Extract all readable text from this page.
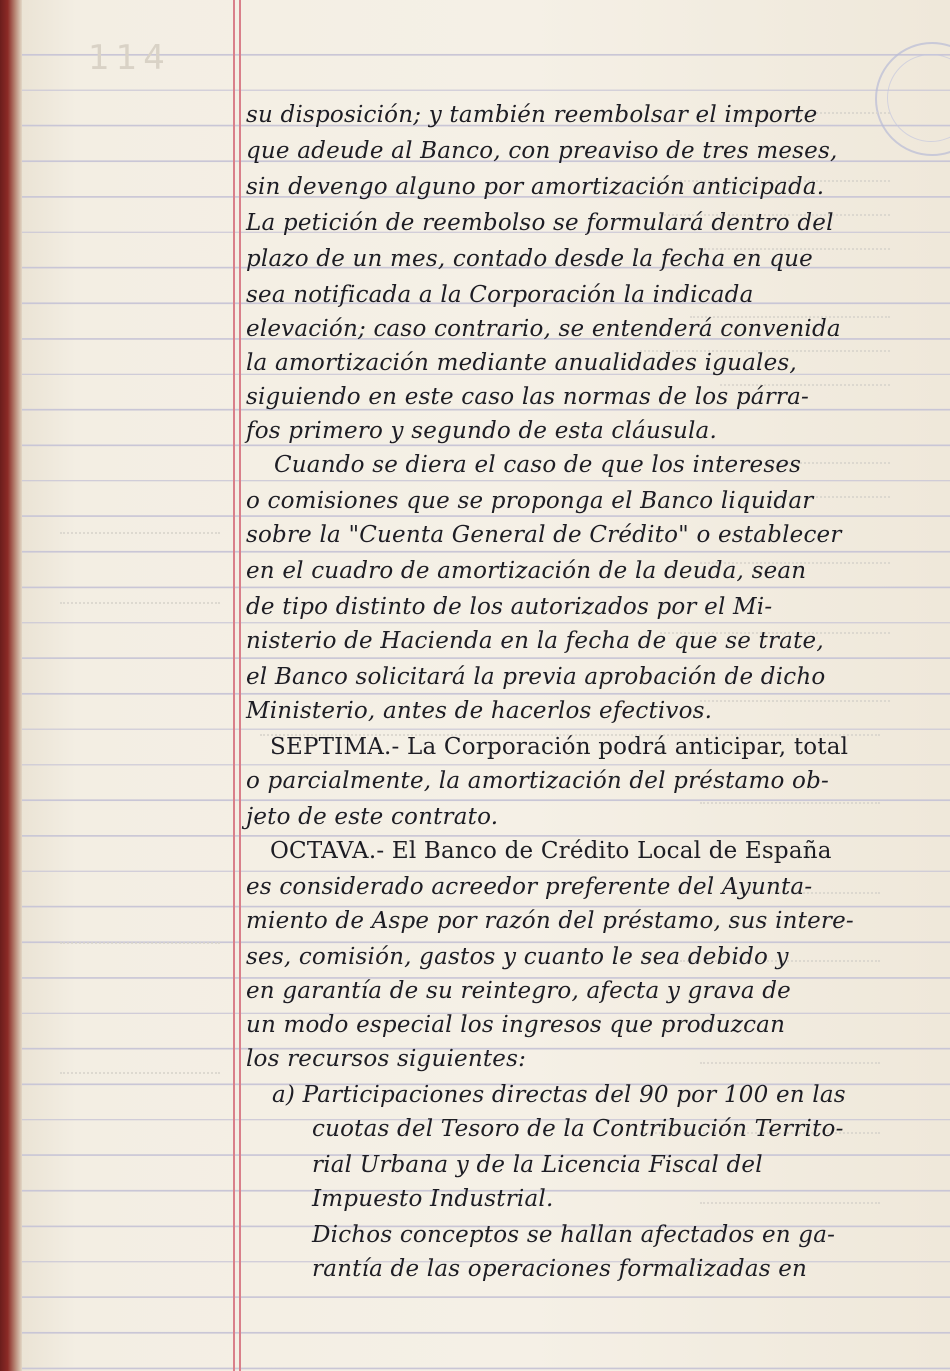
114

su disposición; y también reembolsar el importe

que adeude al Banco, con preaviso de tres meses,

sin devengo alguno por amortización anticipada.

La petición de reembolso se formulará dentro del

plazo de un mes, contado desde la fecha en que

sea notificada a la Corporación la indicada

elevación; caso contrario, se entenderá convenida

la amortización mediante anualidades iguales,

siguiendo en este caso las normas de los párra-

fos primero y segundo de esta cláusula.

Cuando se diera el caso de que los intereses

o comisiones que se proponga el Banco liquidar

sobre la "Cuenta General de Crédito" o establecer

en el cuadro de amortización de la deuda, sean

de tipo distinto de los autorizados por el Mi-

nisterio de Hacienda en la fecha de que se trate,

el Banco solicitará la previa aprobación de dicho

Ministerio, antes de hacerlos efectivos.

SEPTIMA.- La Corporación podrá anticipar, total

o parcialmente, la amortización del préstamo ob-

jeto de este contrato.

OCTAVA.- El Banco de Crédito Local de España

es considerado acreedor preferente del Ayunta-

miento de Aspe por razón del préstamo, sus intere-

ses, comisión, gastos y cuanto le sea debido y

en garantía de su reintegro, afecta y grava de

un modo especial los ingresos que produzcan

los recursos siguientes:

a) Participaciones directas del 90 por 100 en las

cuotas del Tesoro de la Contribución Territo-

rial Urbana y de la Licencia Fiscal del

Impuesto Industrial.

Dichos conceptos se hallan afectados en ga-

rantía de las operaciones formalizadas en
